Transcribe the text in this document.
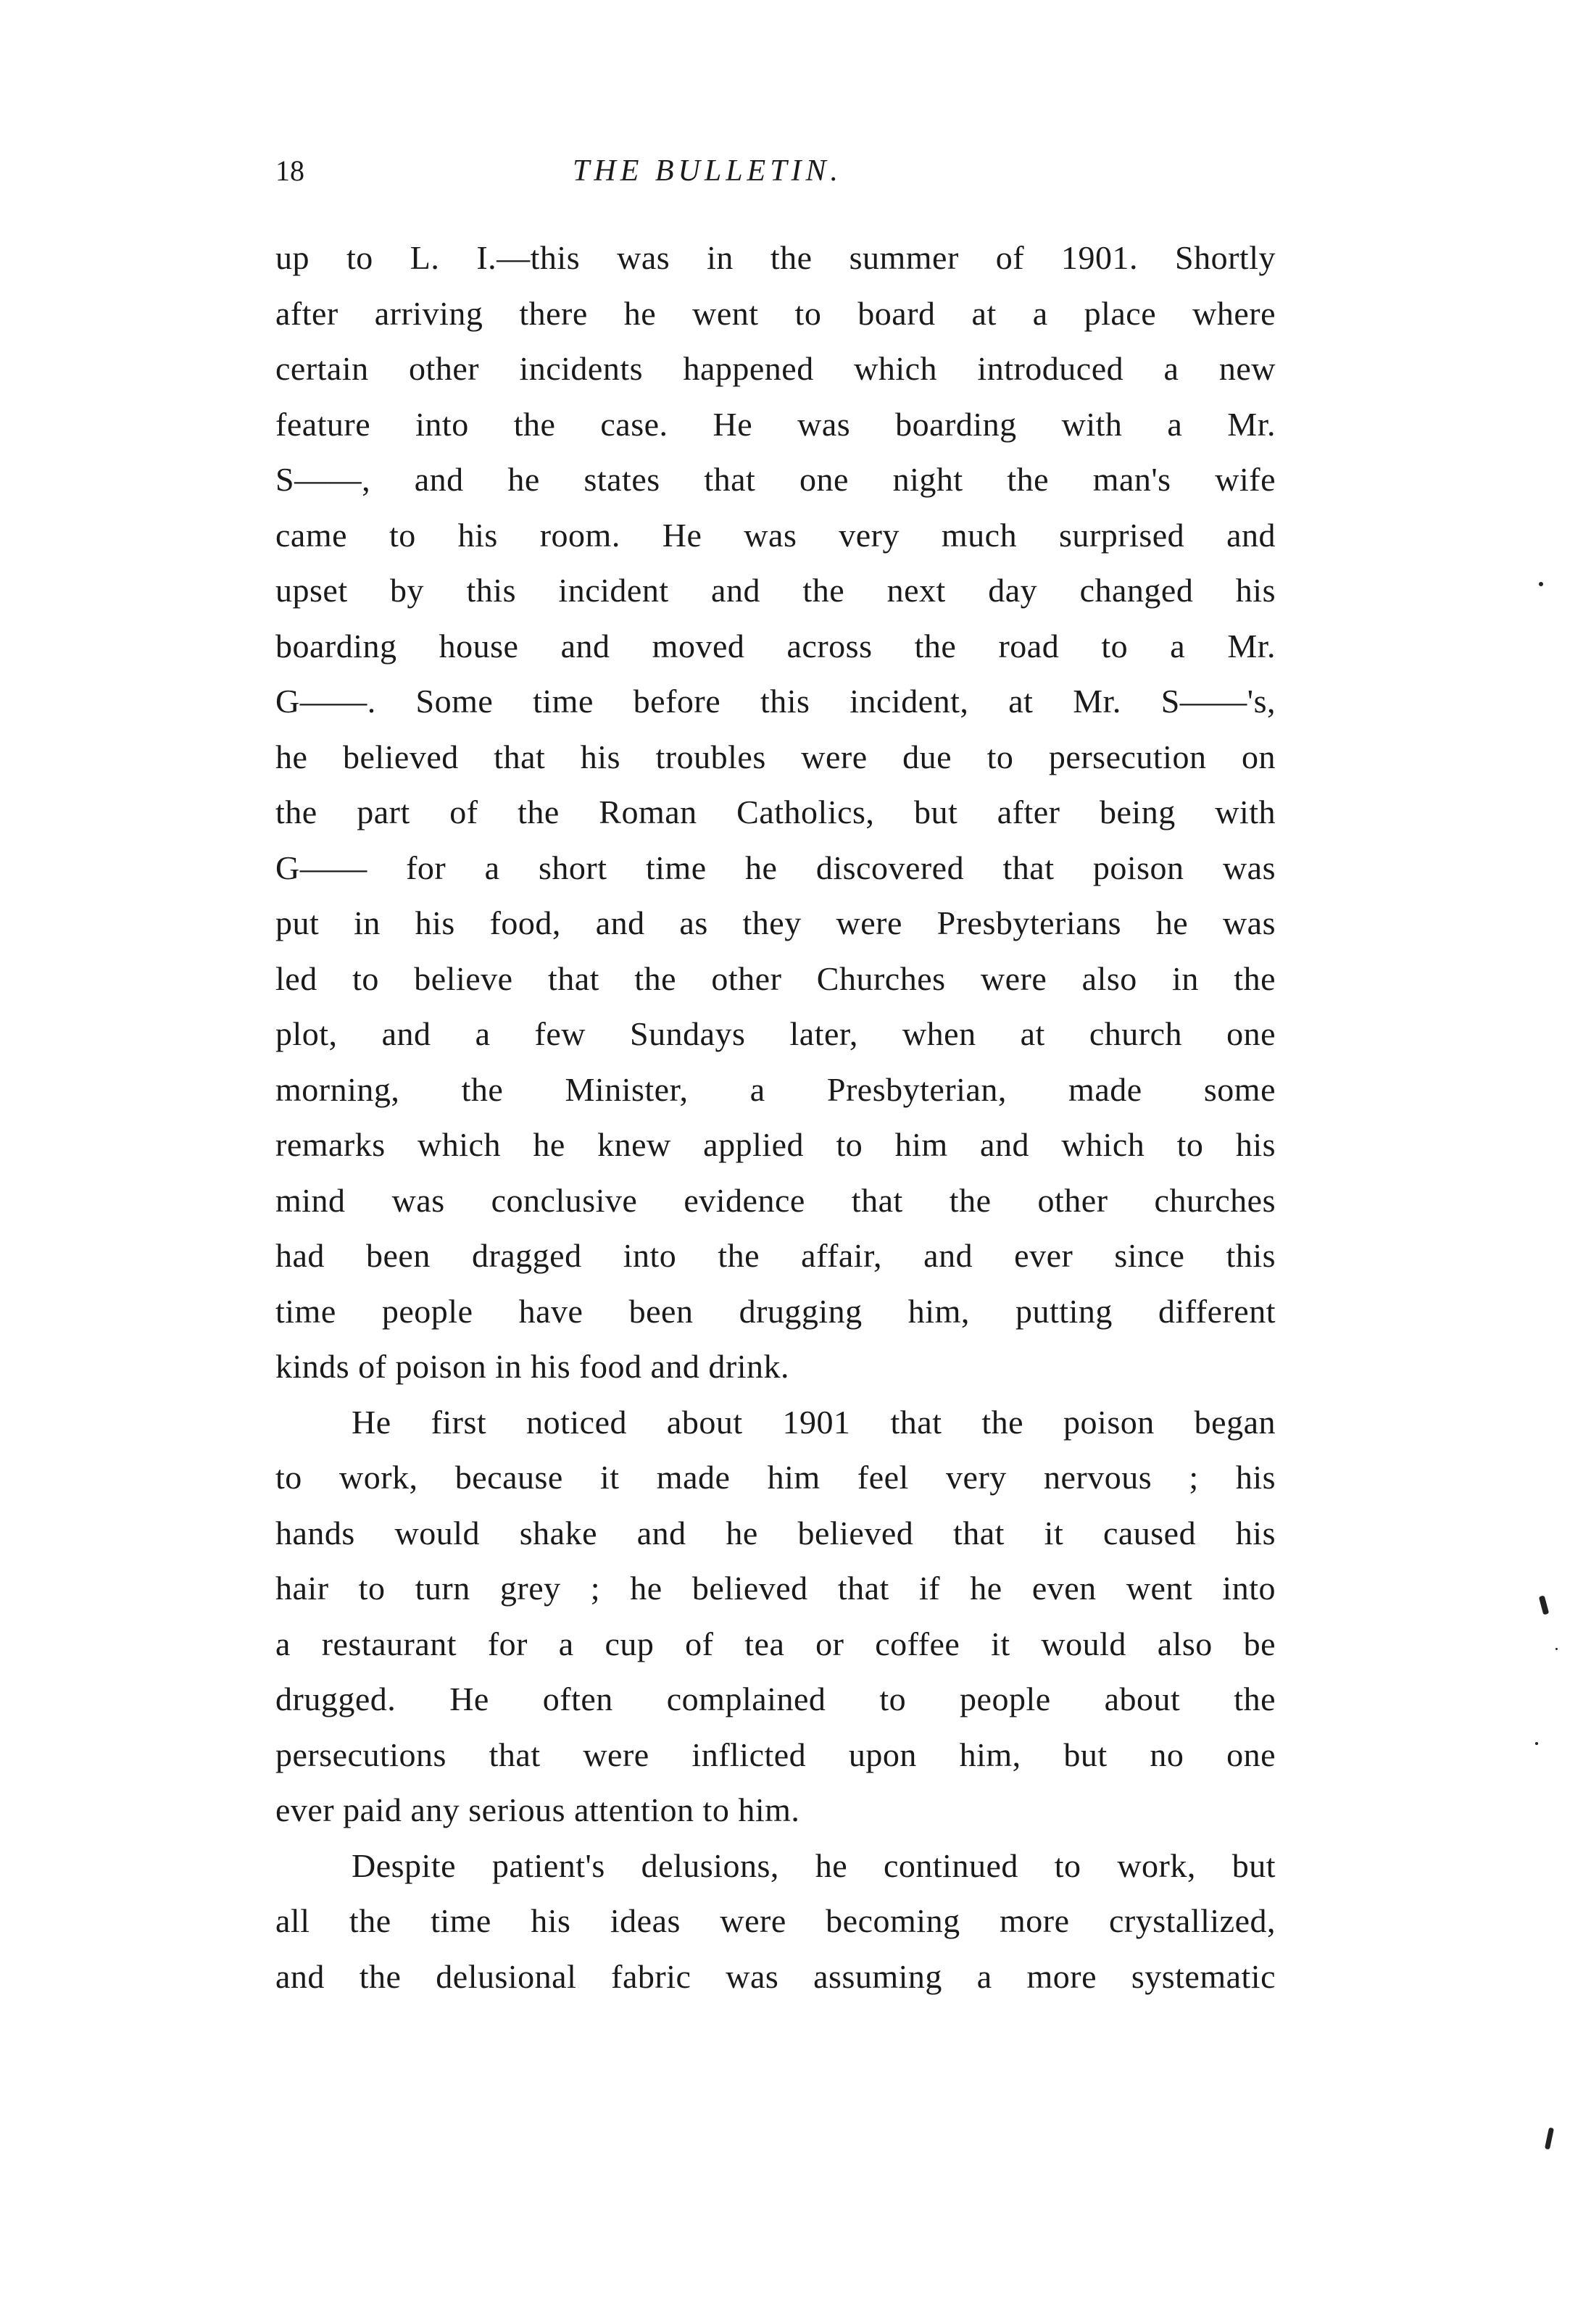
18	THE BULLETIN.

up to L. I.—this was in the summer of 1901. Shortly
after arriving there he went to board at a place where
certain other incidents happened which introduced a new
feature into the case. He was boarding with a Mr.
S——, and he states that one night the man's wife
came to his room. He was very much surprised and
upset by this incident and the next day changed his
boarding house and moved across the road to a Mr.
G——. Some time before this incident, at Mr. S——'s,
he believed that his troubles were due to persecution on
the part of the Roman Catholics, but after being with
G—— for a short time he discovered that poison was
put in his food, and as they were Presbyterians he was
led to believe that the other Churches were also in the
plot, and a few Sundays later, when at church one
morning, the Minister, a Presbyterian, made some
remarks which he knew applied to him and which to his
mind was conclusive evidence that the other churches
had been dragged into the affair, and ever since this
time people have been drugging him, putting different
kinds of poison in his food and drink.

He first noticed about 1901 that the poison began
to work, because it made him feel very nervous ; his
hands would shake and he believed that it caused his
hair to turn grey ; he believed that if he even went into
a restaurant for a cup of tea or coffee it would also be
drugged. He often complained to people about the
persecutions that were inflicted upon him, but no one
ever paid any serious attention to him.

Despite patient's delusions, he continued to work, but
all the time his ideas were becoming more crystallized,
and the delusional fabric was assuming a more systematic
